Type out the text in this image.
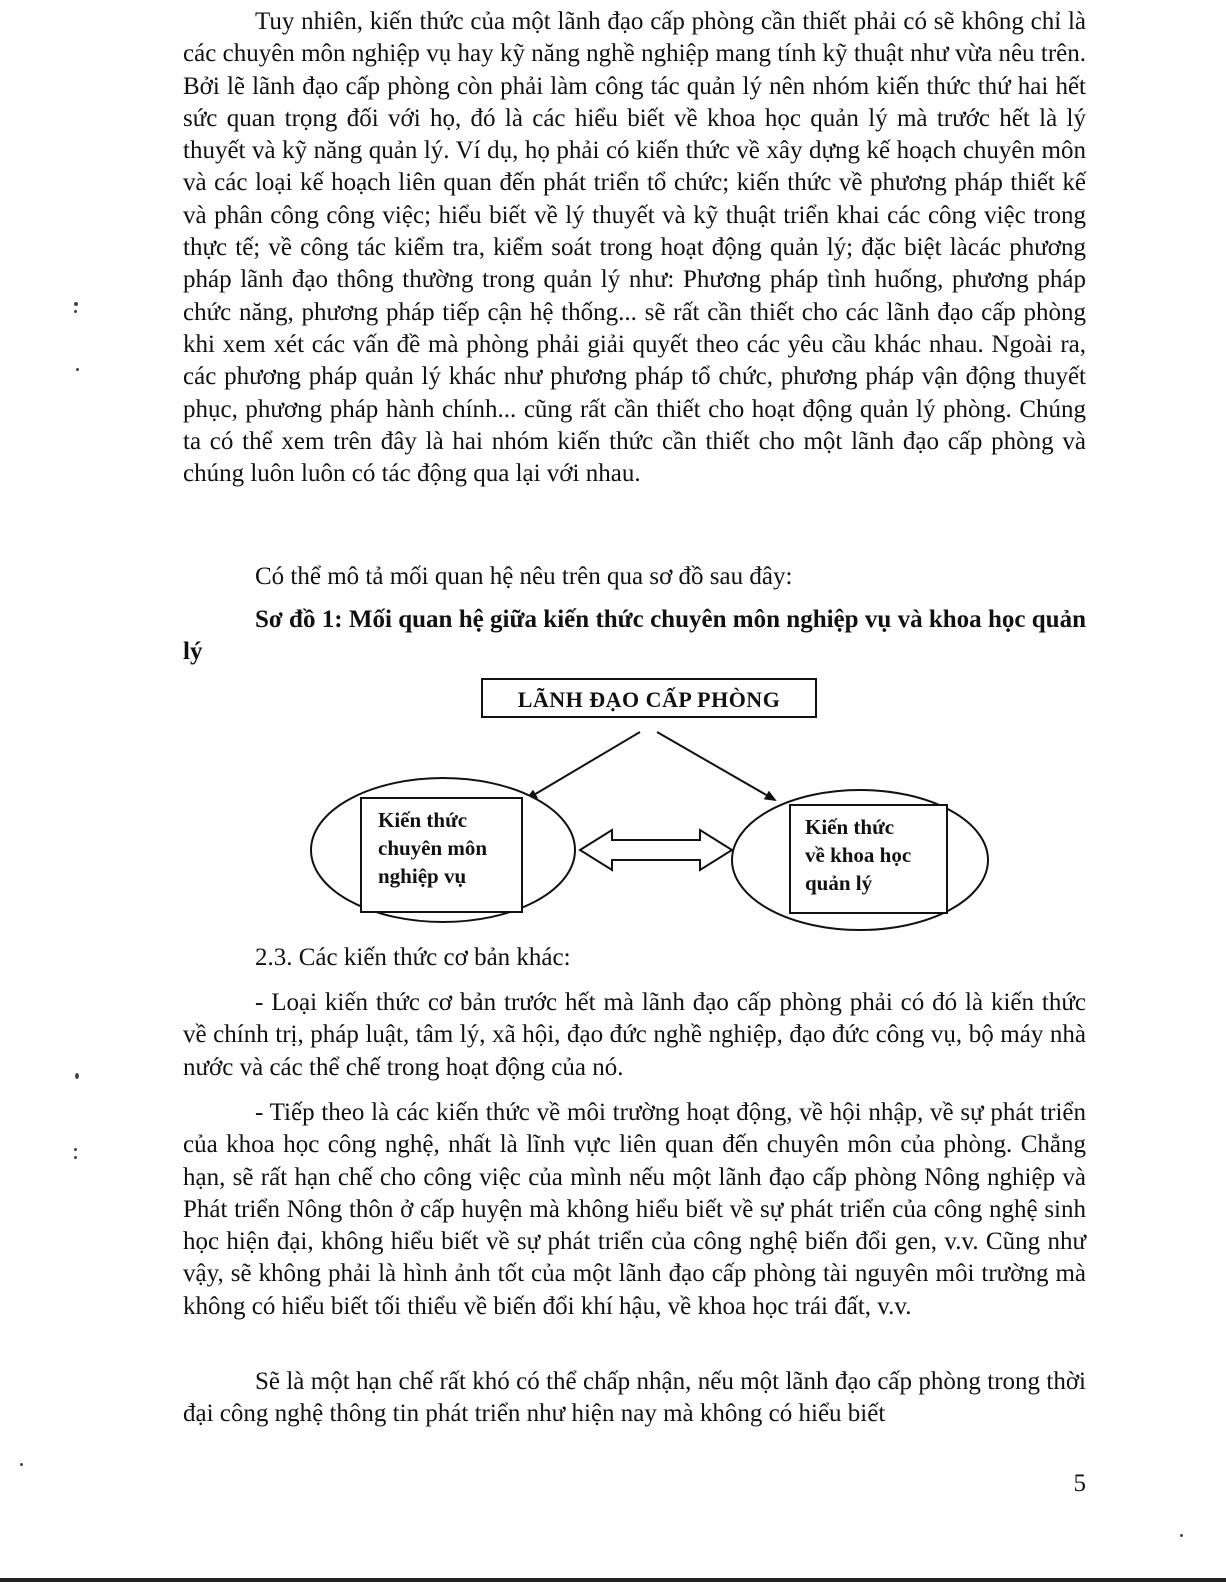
Tuy nhiên, kiến thức của một lãnh đạo cấp phòng cần thiết phải có sẽ không chỉ là các chuyên môn nghiệp vụ hay kỹ năng nghề nghiệp mang tính kỹ thuật như vừa nêu trên. Bởi lẽ lãnh đạo cấp phòng còn phải làm công tác quản lý nên nhóm kiến thức thứ hai hết sức quan trọng đối với họ, đó là các hiểu biết về khoa học quản lý mà trước hết là lý thuyết và kỹ năng quản lý. Ví dụ, họ phải có kiến thức về xây dựng kế hoạch chuyên môn và các loại kế hoạch liên quan đến phát triển tổ chức; kiến thức về phương pháp thiết kế và phân công công việc; hiểu biết về lý thuyết và kỹ thuật triển khai các công việc trong thực tế; về công tác kiểm tra, kiểm soát trong hoạt động quản lý; đặc biệt làcác phương pháp lãnh đạo thông thường trong quản lý như: Phương pháp tình huống, phương pháp chức năng, phương pháp tiếp cận hệ thống... sẽ rất cần thiết cho các lãnh đạo cấp phòng khi xem xét các vấn đề mà phòng phải giải quyết theo các yêu cầu khác nhau. Ngoài ra, các phương pháp quản lý khác như phương pháp tổ chức, phương pháp vận động thuyết phục, phương pháp hành chính... cũng rất cần thiết cho hoạt động quản lý phòng. Chúng ta có thể xem trên đây là hai nhóm kiến thức cần thiết cho một lãnh đạo cấp phòng và chúng luôn luôn có tác động qua lại với nhau.

Có thể mô tả mối quan hệ nêu trên qua sơ đồ sau đây:

Sơ đồ 1: Mối quan hệ giữa kiến thức chuyên môn nghiệp vụ và khoa học quản lý

LÃNH ĐẠO CẤP PHÒNG
Kiến thức
chuyên môn
nghiệp vụ
Kiến thức
về khoa học
quản lý

2.3. Các kiến thức cơ bản khác:

- Loại kiến thức cơ bản trước hết mà lãnh đạo cấp phòng phải có đó là kiến thức về chính trị, pháp luật, tâm lý, xã hội, đạo đức nghề nghiệp, đạo đức công vụ, bộ máy nhà nước và các thể chế trong hoạt động của nó.

- Tiếp theo là các kiến thức về môi trường hoạt động, về hội nhập, về sự phát triển của khoa học công nghệ, nhất là lĩnh vực liên quan đến chuyên môn của phòng. Chẳng hạn, sẽ rất hạn chế cho công việc của mình nếu một lãnh đạo cấp phòng Nông nghiệp và Phát triển Nông thôn ở cấp huyện mà không hiểu biết về sự phát triển của công nghệ sinh học hiện đại, không hiểu biết về sự phát triển của công nghệ biến đổi gen, v.v. Cũng như vậy, sẽ không phải là hình ảnh tốt của một lãnh đạo cấp phòng tài nguyên môi trường mà không có hiểu biết tối thiểu về biến đổi khí hậu, về khoa học trái đất, v.v.

Sẽ là một hạn chế rất khó có thể chấp nhận, nếu một lãnh đạo cấp phòng trong thời đại công nghệ thông tin phát triển như hiện nay mà không có hiểu biết

5
